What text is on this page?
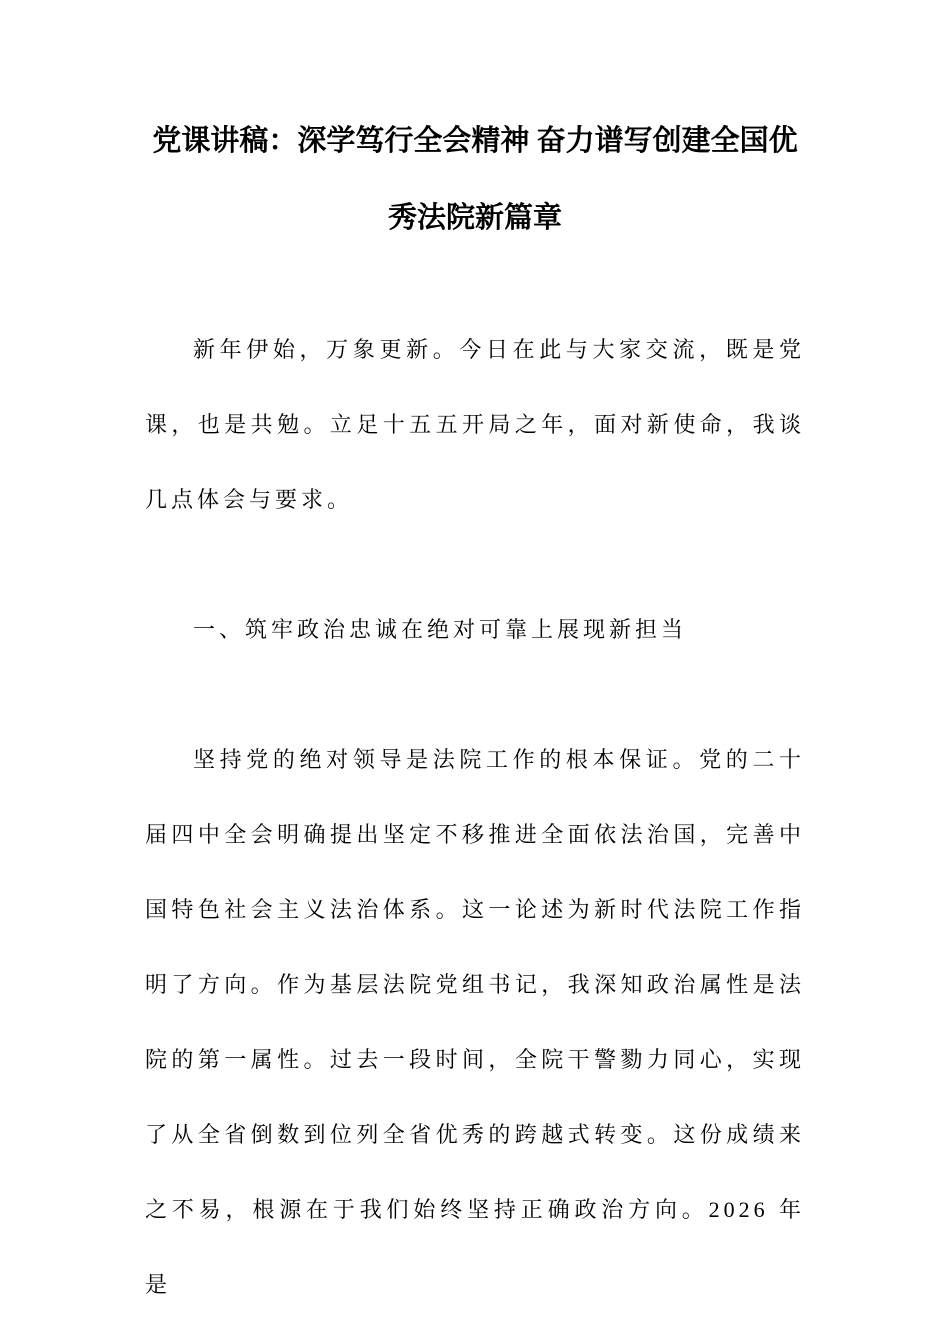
党课讲稿：深学笃行全会精神 奋力谱写创建全国优秀法院新篇章

新年伊始，万象更新。今日在此与大家交流，既是党课，也是共勉。立足十五五开局之年，面对新使命，我谈几点体会与要求。

一、筑牢政治忠诚在绝对可靠上展现新担当

坚持党的绝对领导是法院工作的根本保证。党的二十届四中全会明确提出坚定不移推进全面依法治国，完善中国特色社会主义法治体系。这一论述为新时代法院工作指明了方向。作为基层法院党组书记，我深知政治属性是法院的第一属性。过去一段时间，全院干警勠力同心，实现了从全省倒数到位列全省优秀的跨越式转变。这份成绩来之不易，根源在于我们始终坚持正确政治方向。2026 年是
